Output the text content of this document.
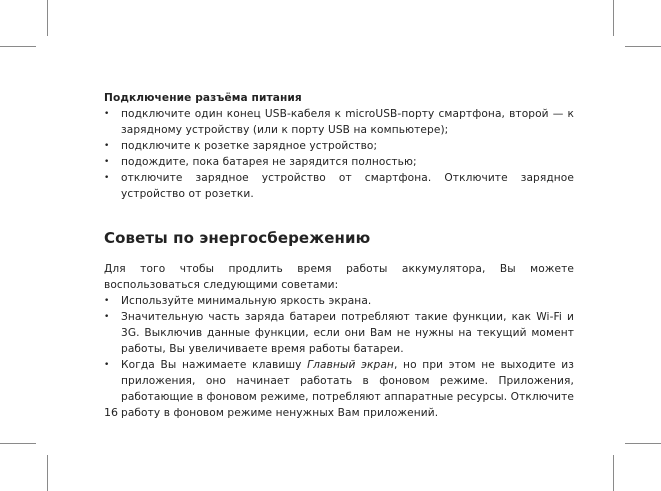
Подключение разъёма питания

• подключите один конец USB-кабеля к microUSB-порту смартфона, второй — к зарядному устройству (или к порту USB на компьютере);
• подключите к розетке зарядное устройство;
• подождите, пока батарея не зарядится полностью;
• отключите зарядное устройство от смартфона. Отключите зарядное устройство от розетки.
Советы по энергосбережению

Для того чтобы продлить время работы аккумулятора, Вы можете воспользоваться следующими советами:

• Используйте минимальную яркость экрана.
• Значительную часть заряда батареи потребляют такие функции, как Wi-Fi и 3G. Выключив данные функции, если они Вам не нужны на текущий момент работы, Вы увеличиваете время работы батареи.
• Когда Вы нажимаете клавишу Главный экран, но при этом не выходите из приложения, оно начинает работать в фоновом режиме. Приложения, работающие в фоновом режиме, потребляют аппаратные ресурсы. Отключите работу в фоновом режиме ненужных Вам приложений.
16
